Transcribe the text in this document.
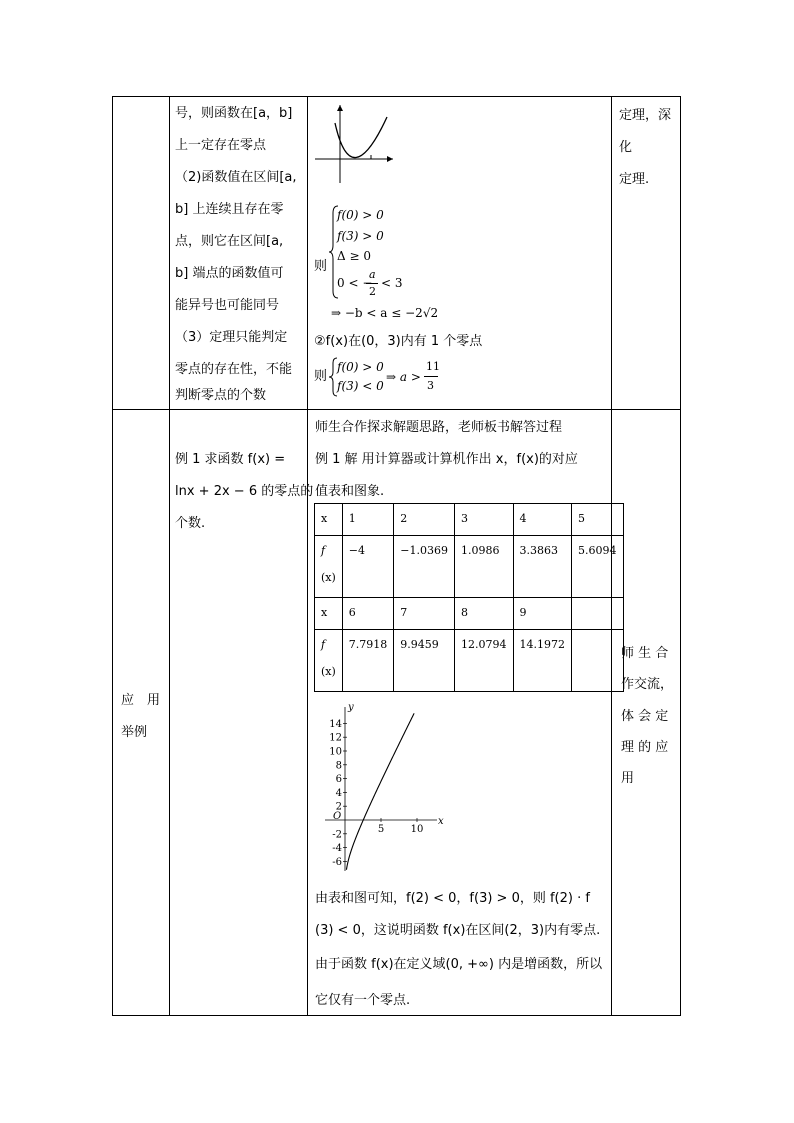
号，则函数在[a，b]
上一定存在零点
（2)函数值在区间[a,
b] 上连续且存在零
点，则它在区间[a,
b] 端点的函数值可
能异号也可能同号
（3）定理只能判定
零点的存在性，不能
判断零点的个数
则
f(0) > 0
f(3) > 0
Δ ≥ 0
0 < −
a
2
< 3
⇒ −b < a ≤ −2√2
②f(x)在(0，3)内有 1 个零点
则
f(0) > 0
f(3) < 0
⇒ a >
11
3
定理，深
化
定理.
应　用
举例
例 1 求函数 f(x) =
lnx + 2x − 6 的零点的
个数.
师生合作探求解题思路，老师板书解答过程
例 1 解 用计算器或计算机作出 x，f(x)的对应
值表和图象.
x	1	2	3	4	5

f
(x)	−4	−1.0369	1.0986	3.3863	5.6094
x	6	7	8	9	

f
(x)	7.7918	9.9459	12.0794	14.1972	
y
x
O
14
12
10
8
6
4
2
-2
-4
-6
5	10
由表和图可知，f(2) < 0，f(3) > 0，则 f(2) · f
(3) < 0，这说明函数 f(x)在区间(2，3)内有零点.
由于函数 f(x)在定义域(0, +∞) 内是增函数，所以
它仅有一个零点.
师 生 合
作交流，
体 会 定
理 的 应
用
